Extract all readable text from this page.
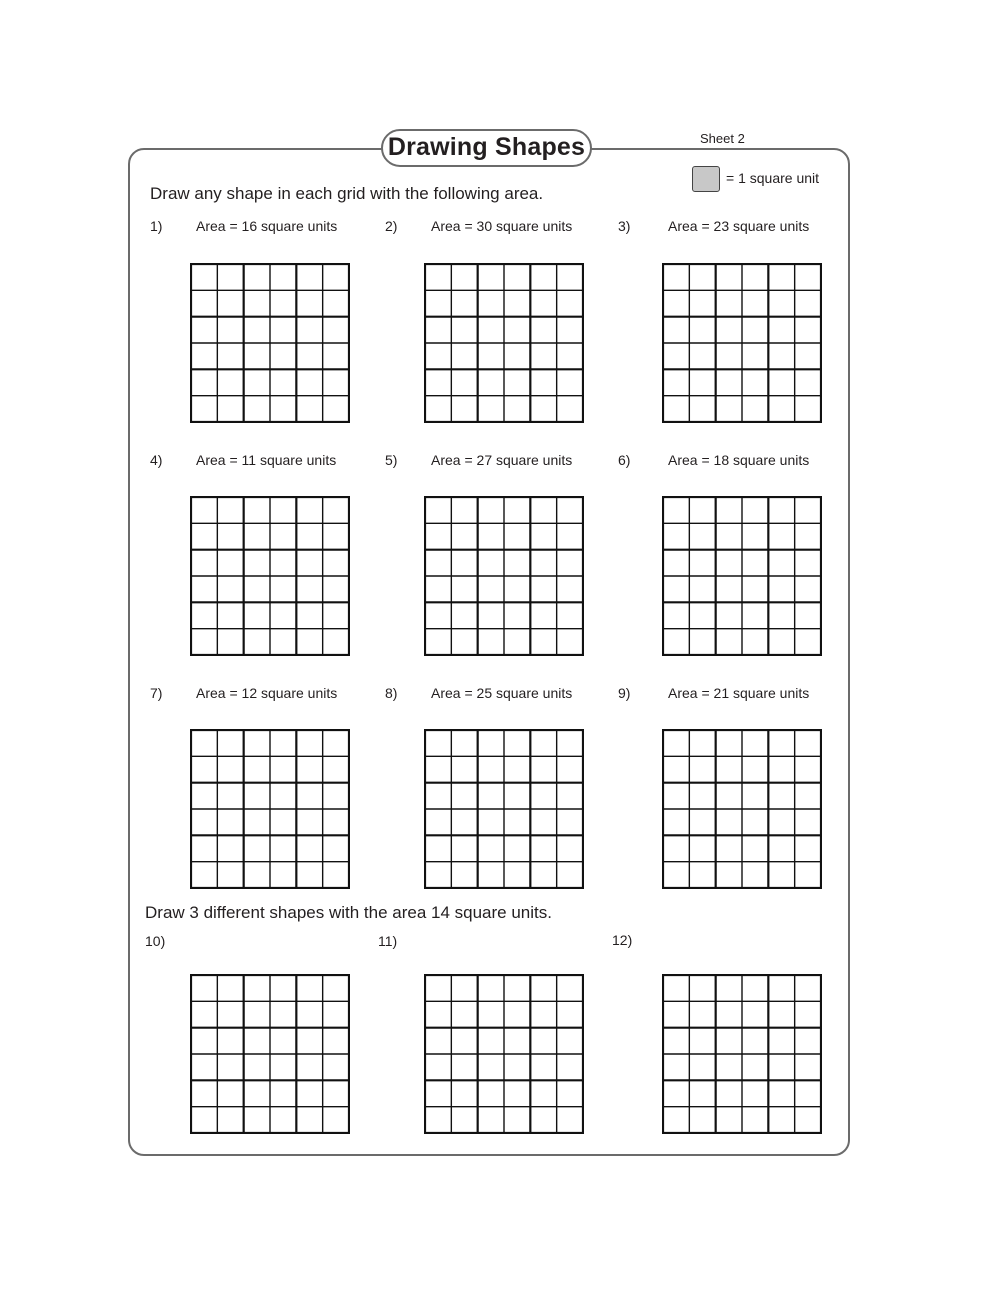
Drawing Shapes	Sheet 2
= 1 square unit
Draw any shape in each grid with the following area.
Draw 3 different shapes with the area 14 square units.
1) Area = 16 square units	2) Area = 30 square units	3)	Area = 23 square units
4) Area = 11 square units	5) Area = 27 square units	6)	Area = 18 square units
7) Area = 12 square units	8) Area = 25 square units	9)	Area = 21 square units
10)	11)	12)
